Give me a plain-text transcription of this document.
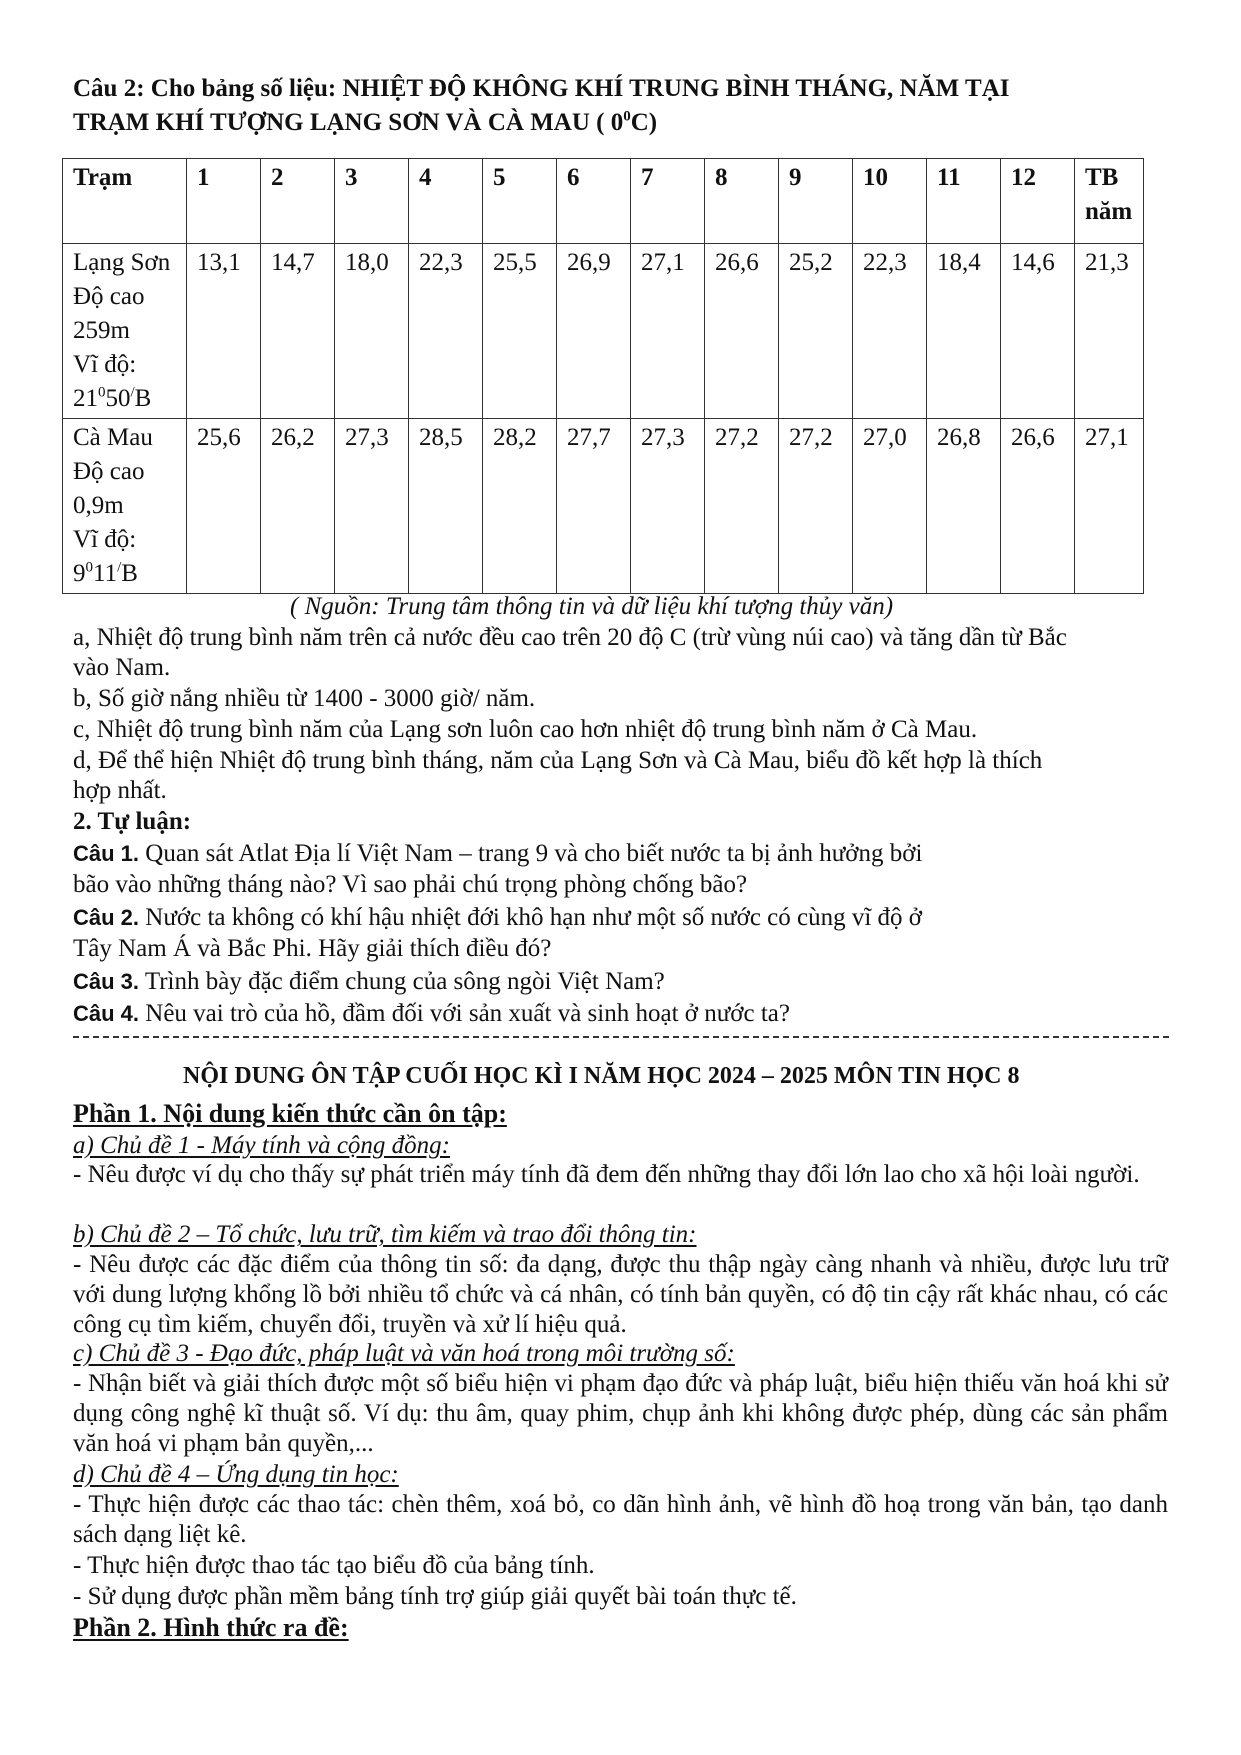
Câu 2: Cho bảng số liệu: NHIỆT ĐỘ KHÔNG KHÍ TRUNG BÌNH THÁNG, NĂM TẠI
TRẠM KHÍ TƯỢNG LẠNG SƠN VÀ CÀ MAU ( $0^0C$)
Trạm	1	2	3	4	5	6	7	8	9	10	11	12	TB năm

Lạng Sơn
Độ cao
259m
Vĩ độ:
$21^050^/B$	13,1	14,7	18,0	22,3	25,5	26,9	27,1	26,6	25,2	22,3	18,4	14,6	21,3

Cà Mau
Độ cao
0,9m
Vĩ độ:
$9^011^/B$	25,6	26,2	27,3	28,5	28,2	27,7	27,3	27,2	27,2	27,0	26,8	26,6	27,1
( Nguồn: Trung tâm thông tin và dữ liệu khí tượng thủy văn)
a, Nhiệt độ trung bình năm trên cả nước đều cao trên 20 độ C (trừ vùng núi cao) và tăng dần từ Bắc
vào Nam.
b, Số giờ nắng nhiều từ 1400 - 3000 giờ/ năm.
c, Nhiệt độ trung bình năm của Lạng sơn luôn cao hơn nhiệt độ trung bình năm ở Cà Mau.
d, Để thể hiện Nhiệt độ trung bình tháng, năm của Lạng Sơn và Cà Mau, biểu đồ kết hợp là thích
hợp nhất.
2. Tự luận:
Câu 1. Quan sát Atlat Địa lí Việt Nam – trang 9 và cho biết nước ta bị ảnh hưởng bởi
bão vào những tháng nào? Vì sao phải chú trọng phòng chống bão?
Câu 2. Nước ta không có khí hậu nhiệt đới khô hạn như một số nước có cùng vĩ độ ở
Tây Nam Á và Bắc Phi. Hãy giải thích điều đó?
Câu 3. Trình bày đặc điểm chung của sông ngòi Việt Nam?
Câu 4. Nêu vai trò của hồ, đầm đối với sản xuất và sinh hoạt ở nước ta?
NỘI DUNG ÔN TẬP CUỐI HỌC KÌ I NĂM HỌC 2024 – 2025 MÔN TIN HỌC 8
Phần 1. Nội dung kiến thức cần ôn tập:
a) Chủ đề 1 - Máy tính và cộng đồng:
- Nêu được ví dụ cho thấy sự phát triển máy tính đã đem đến những thay đổi lớn lao cho xã hội loài người.
b) Chủ đề 2 – Tổ chức, lưu trữ, tìm kiếm và trao đổi thông tin:
- Nêu được các đặc điểm của thông tin số: đa dạng, được thu thập ngày càng nhanh và nhiều, được lưu trữ với dung lượng khổng lồ bởi nhiều tổ chức và cá nhân, có tính bản quyền, có độ tin cậy rất khác nhau, có các công cụ tìm kiếm, chuyển đổi, truyền và xử lí hiệu quả.
c) Chủ đề 3 - Đạo đức, pháp luật và văn hoá trong môi trường số:
- Nhận biết và giải thích được một số biểu hiện vi phạm đạo đức và pháp luật, biểu hiện thiếu văn hoá khi sử dụng công nghệ kĩ thuật số. Ví dụ: thu âm, quay phim, chụp ảnh khi không được phép, dùng các sản phẩm văn hoá vi phạm bản quyền,...
d) Chủ đề 4 – Ứng dụng tin học:
- Thực hiện được các thao tác: chèn thêm, xoá bỏ, co dãn hình ảnh, vẽ hình đồ hoạ trong văn bản, tạo danh sách dạng liệt kê.
- Thực hiện được thao tác tạo biểu đồ của bảng tính.
- Sử dụng được phần mềm bảng tính trợ giúp giải quyết bài toán thực tế.
Phần 2. Hình thức ra đề:
